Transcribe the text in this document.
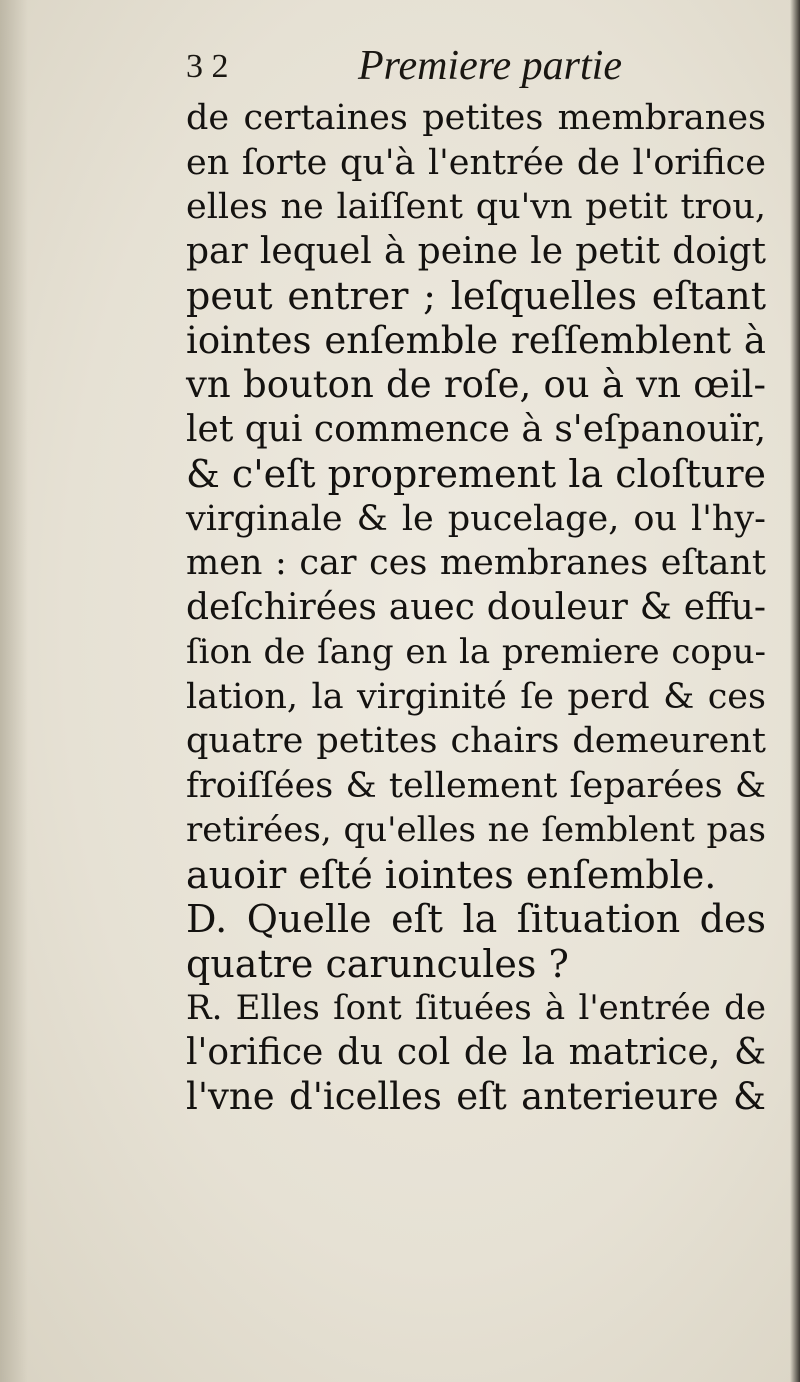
3 2	Premiere partie
de certaines petites membranes
en ſorte qu'à l'entrée de l'orifice
elles ne laiſſent qu'vn petit trou,
par lequel à peine le petit doigt
peut entrer ; leſquelles eſtant
iointes enſemble reſſemblent à
vn bouton de roſe, ou à vn œil-
let qui commence à s'eſpanouïr,
& c'eſt proprement la cloſture
virginale & le pucelage, ou l'hy-
men : car ces membranes eſtant
deſchirées auec douleur & effu-
ſion de ſang en la premiere copu-
lation, la virginité ſe perd & ces
quatre petites chairs demeurent
froiſſées & tellement ſeparées &
retirées, qu'elles ne ſemblent pas
auoir eſté iointes enſemble.
D. Quelle eſt la ſituation des
quatre caruncules ?
R. Elles ſont ſituées à l'entrée de
l'orifice du col de la matrice, &
l'vne d'icelles eſt anterieure &
